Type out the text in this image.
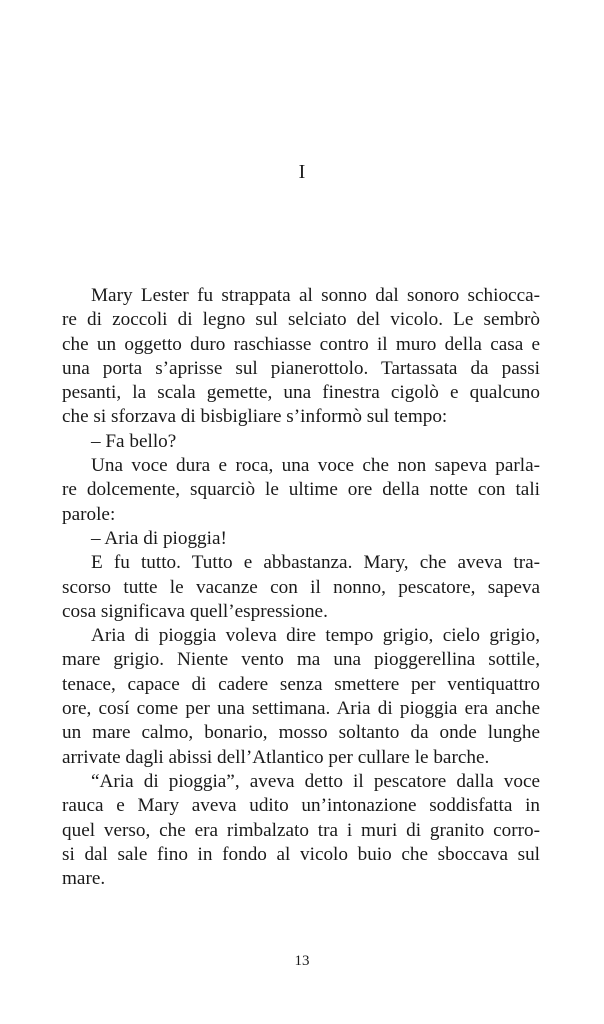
I
Mary Lester fu strappata al sonno dal sonoro schiocca-
re di zoccoli di legno sul selciato del vicolo. Le sembrò
che un oggetto duro raschiasse contro il muro della casa e
una porta s’aprisse sul pianerottolo. Tartassata da passi
pesanti, la scala gemette, una finestra cigolò e qualcuno
che si sforzava di bisbigliare s’informò sul tempo:
– Fa bello?
Una voce dura e roca, una voce che non sapeva parla-
re dolcemente, squarciò le ultime ore della notte con tali
parole:
– Aria di pioggia!
E fu tutto. Tutto e abbastanza. Mary, che aveva tra-
scorso tutte le vacanze con il nonno, pescatore, sapeva
cosa significava quell’espressione.
Aria di pioggia voleva dire tempo grigio, cielo grigio,
mare grigio. Niente vento ma una pioggerellina sottile,
tenace, capace di cadere senza smettere per ventiquattro
ore, cosí come per una settimana. Aria di pioggia era anche
un mare calmo, bonario, mosso soltanto da onde lunghe
arrivate dagli abissi dell’Atlantico per cullare le barche.
“Aria di pioggia”, aveva detto il pescatore dalla voce
rauca e Mary aveva udito un’intonazione soddisfatta in
quel verso, che era rimbalzato tra i muri di granito corro-
si dal sale fino in fondo al vicolo buio che sboccava sul
mare.

13
